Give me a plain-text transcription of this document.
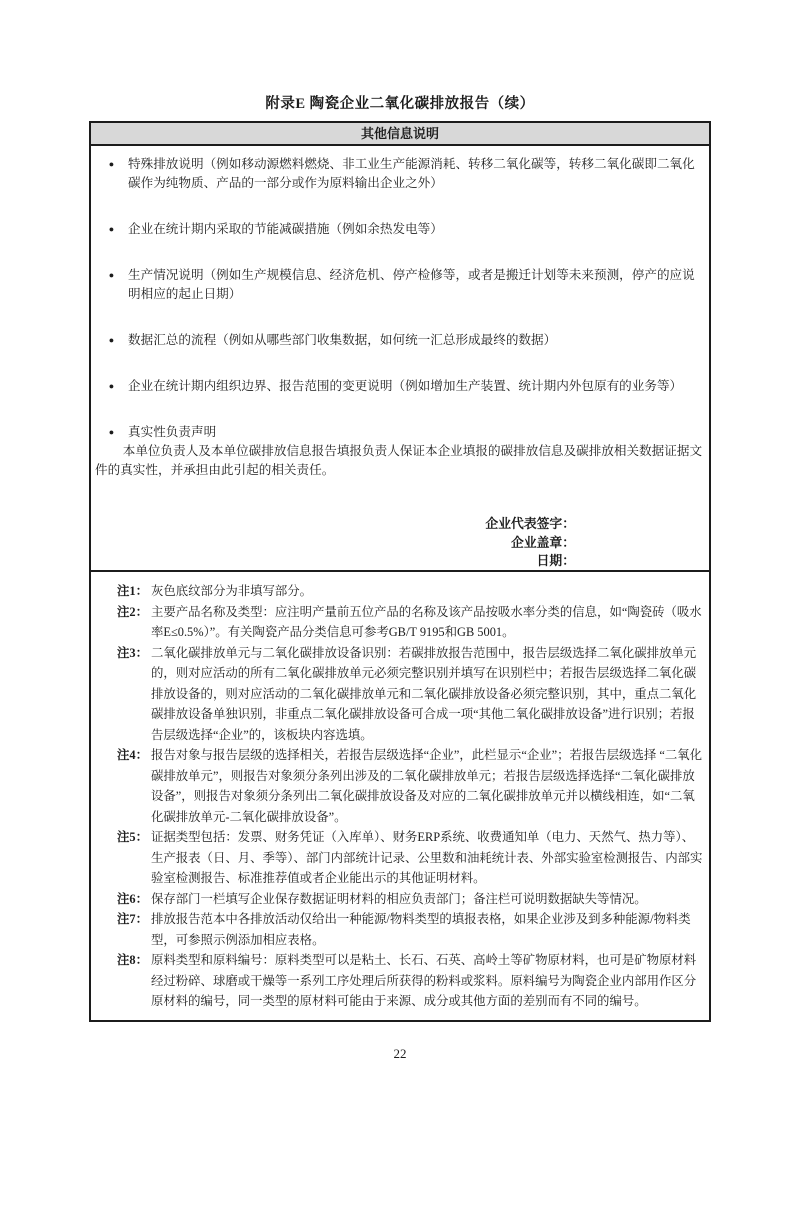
附录E 陶瓷企业二氧化碳排放报告（续）
其他信息说明
●	特殊排放说明（例如移动源燃料燃烧、非工业生产能源消耗、转移二氧化碳等，转移二氧化碳即二氧化碳作为纯物质、产品的一部分或作为原料输出企业之外）
●	企业在统计期内采取的节能减碳措施（例如余热发电等）
●	生产情况说明（例如生产规模信息、经济危机、停产检修等，或者是搬迁计划等未来预测，停产的应说明相应的起止日期）
●	数据汇总的流程（例如从哪些部门收集数据，如何统一汇总形成最终的数据）
●	企业在统计期内组织边界、报告范围的变更说明（例如增加生产装置、统计期内外包原有的业务等）
●	真实性负责声明
本单位负责人及本单位碳排放信息报告填报负责人保证本企业填报的碳排放信息及碳排放相关数据证据文件的真实性，并承担由此引起的相关责任。
企业代表签字：
企业盖章：
日期：
注1： 灰色底纹部分为非填写部分。
注2： 主要产品名称及类型：应注明产量前五位产品的名称及该产品按吸水率分类的信息，如“陶瓷砖（吸水率E≤0.5%）”。有关陶瓷产品分类信息可参考GB/T 9195和GB 5001。
注3： 二氧化碳排放单元与二氧化碳排放设备识别：若碳排放报告范围中，报告层级选择二氧化碳排放单元的，则对应活动的所有二氧化碳排放单元必须完整识别并填写在识别栏中；若报告层级选择二氧化碳排放设备的，则对应活动的二氧化碳排放单元和二氧化碳排放设备必须完整识别，其中，重点二氧化碳排放设备单独识别，非重点二氧化碳排放设备可合成一项“其他二氧化碳排放设备”进行识别；若报告层级选择“企业”的，该板块内容选填。
注4： 报告对象与报告层级的选择相关，若报告层级选择“企业”，此栏显示“企业”；若报告层级选择 “二氧化碳排放单元”，则报告对象须分条列出涉及的二氧化碳排放单元；若报告层级选择选择“二氧化碳排放设备”，则报告对象须分条列出二氧化碳排放设备及对应的二氧化碳排放单元并以横线相连，如“二氧化碳排放单元-二氧化碳排放设备”。
注5： 证据类型包括：发票、财务凭证（入库单）、财务ERP系统、收费通知单（电力、天然气、热力等）、生产报表（日、月、季等）、部门内部统计记录、公里数和油耗统计表、外部实验室检测报告、内部实验室检测报告、标准推荐值或者企业能出示的其他证明材料。
注6： 保存部门一栏填写企业保存数据证明材料的相应负责部门；备注栏可说明数据缺失等情况。
注7： 排放报告范本中各排放活动仅给出一种能源/物料类型的填报表格，如果企业涉及到多种能源/物料类型，可参照示例添加相应表格。
注8： 原料类型和原料编号：原料类型可以是粘土、长石、石英、高岭土等矿物原材料，也可是矿物原材料经过粉碎、球磨或干燥等一系列工序处理后所获得的粉料或浆料。原料编号为陶瓷企业内部用作区分原材料的编号，同一类型的原材料可能由于来源、成分或其他方面的差别而有不同的编号。
22
